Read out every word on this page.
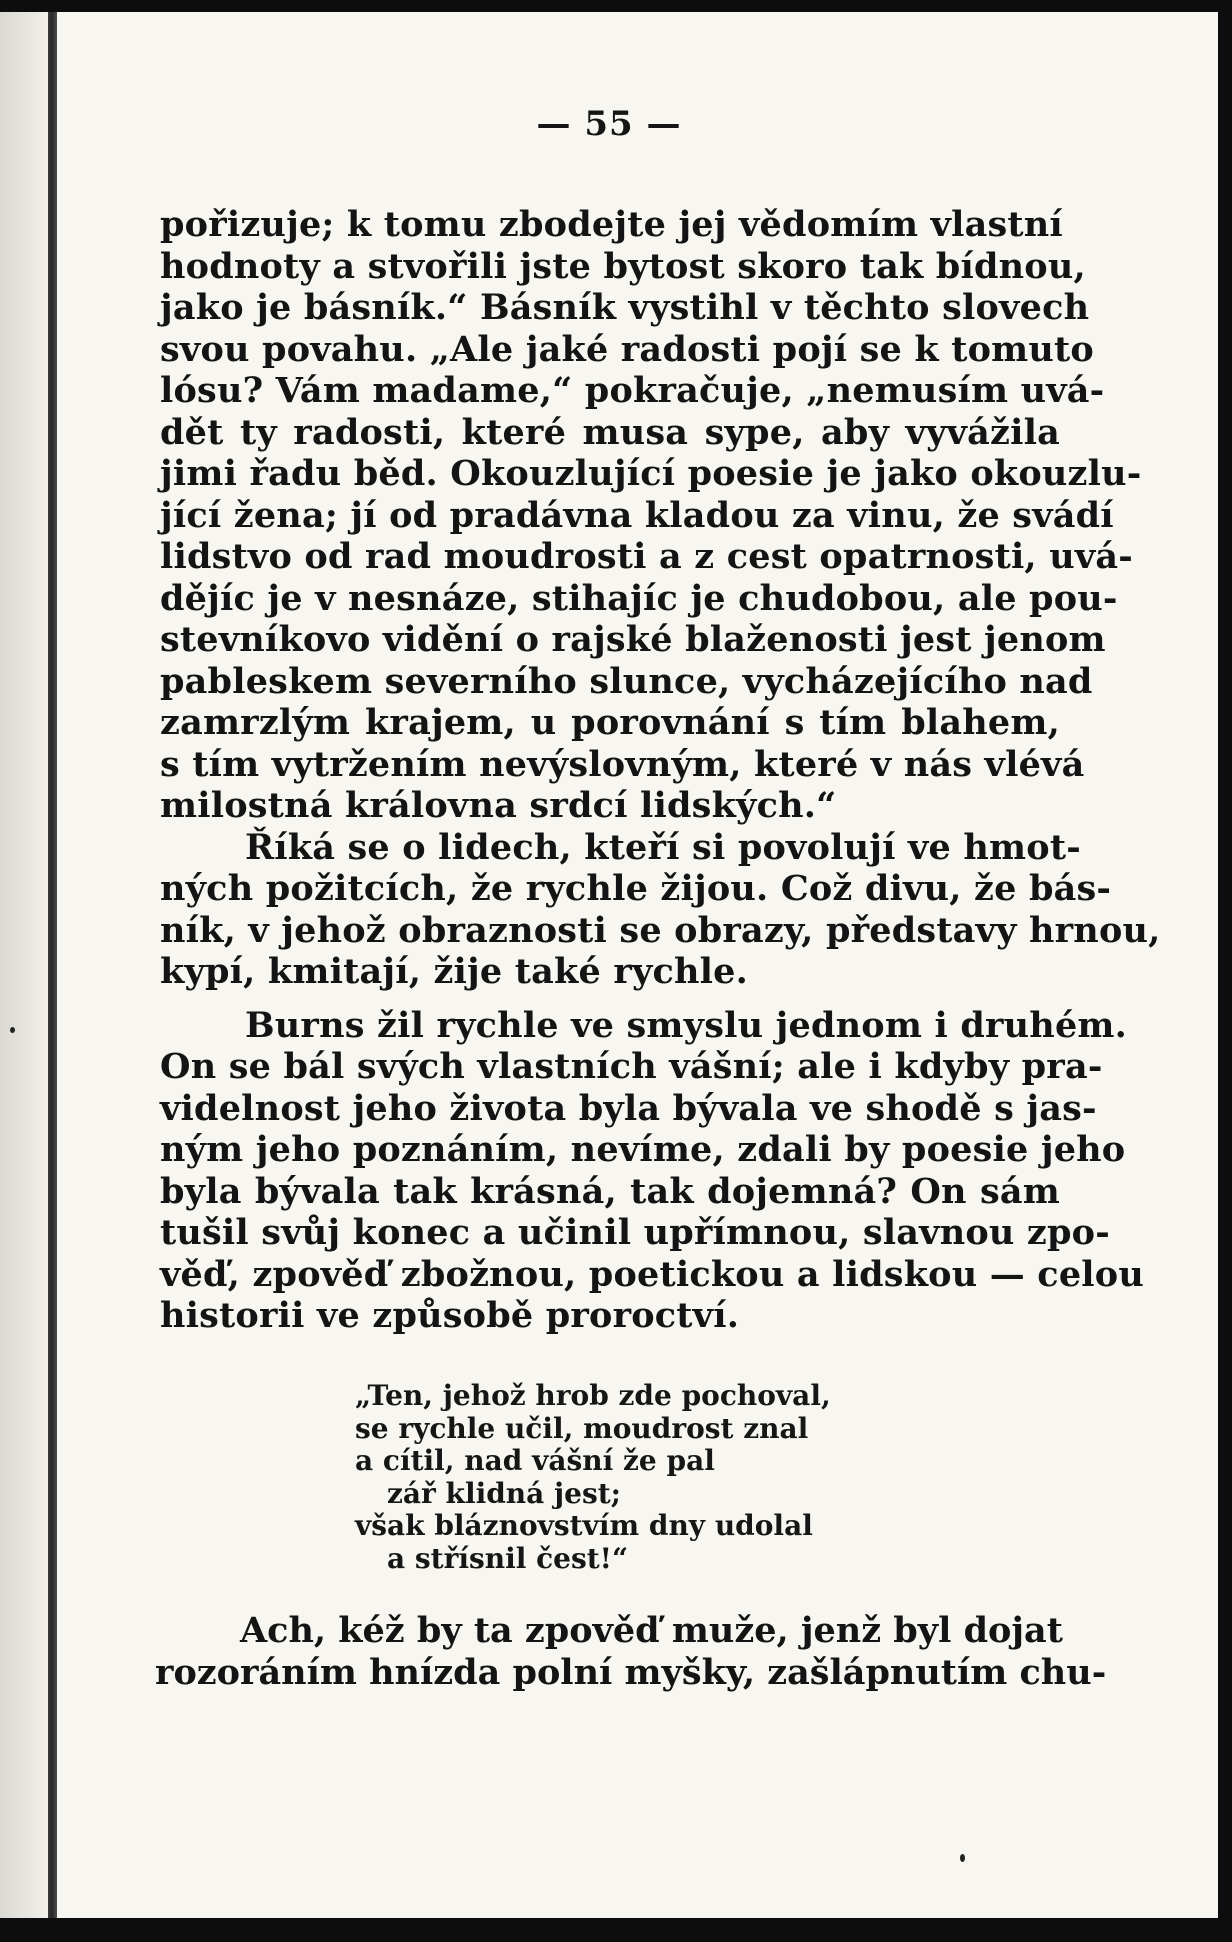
— 55 —
pořizuje; k tomu zbodejte jej vědomím vlastní
hodnoty a stvořili jste bytost skoro tak bídnou,
jako je básník.“ Básník vystihl v těchto slovech
svou povahu. „Ale jaké radosti pojí se k tomuto
lósu? Vám madame,“ pokračuje, „nemusím uvá-
dět ty radosti, které musa sype, aby vyvážila
jimi řadu běd. Okouzlující poesie je jako okouzlu-
jící žena; jí od pradávna kladou za vinu, že svádí
lidstvo od rad moudrosti a z cest opatrnosti, uvá-
dějíc je v nesnáze, stihajíc je chudobou, ale pou-
stevníkovo vidění o rajské blaženosti jest jenom
pableskem severního slunce, vycházejícího nad
zamrzlým krajem, u porovnání s tím blahem,
s tím vytržením nevýslovným, které v nás vlévá
milostná královna srdcí lidských.“
Říká se o lidech, kteří si povolují ve hmot-
ných požitcích, že rychle žijou. Což divu, že bás-
ník, v jehož obraznosti se obrazy, představy hrnou,
kypí, kmitají, žije také rychle.
Burns žil rychle ve smyslu jednom i druhém.
On se bál svých vlastních vášní; ale i kdyby pra-
videlnost jeho života byla bývala ve shodě s jas-
ným jeho poznáním, nevíme, zdali by poesie jeho
byla bývala tak krásná, tak dojemná? On sám
tušil svůj konec a učinil upřímnou, slavnou zpo-
věď, zpověď zbožnou, poetickou a lidskou — celou
historii ve způsobě proroctví.
„Ten, jehož hrob zde pochoval,
se rychle učil, moudrost znal
a cítil, nad vášní že pal
zář klidná jest;
však bláznovstvím dny udolal
a střísnil čest!“
Ach, kéž by ta zpověď muže, jenž byl dojat
rozoráním hnízda polní myšky, zašlápnutím chu-
